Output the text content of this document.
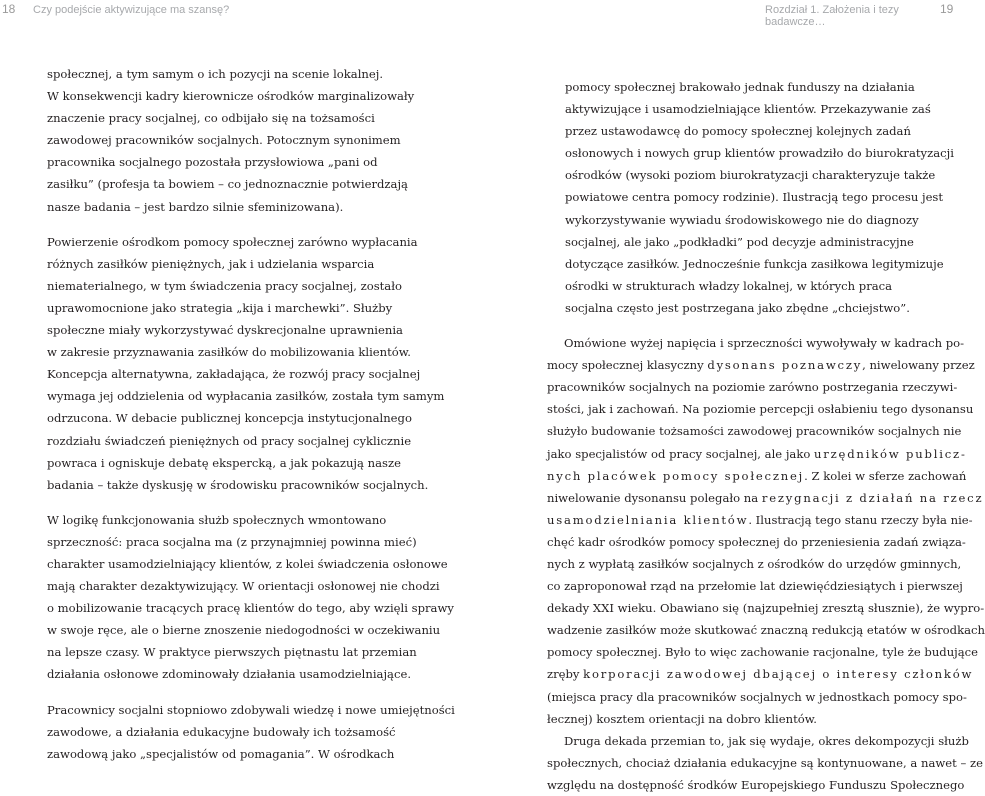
18 Czy podejście aktywizujące ma szansę?	Rozdział 1. Założenia i tezy badawcze…
19

społecznej, a tym samym o ich pozycji na scenie lokalnej.

W konsekwencji kadry kierownicze ośrodków marginalizowały

znaczenie pracy socjalnej, co odbijało się na tożsamości

zawodowej pracowników socjalnych. Potocznym synonimem

pracownika socjalnego pozostała przysłowiowa „pani od

zasiłku” (profesja ta bowiem – co jednoznacznie potwierdzają

nasze badania – jest bardzo silnie sfeminizowana).

Powierzenie ośrodkom pomocy społecznej zarówno wypłacania

różnych zasiłków pieniężnych, jak i udzielania wsparcia

niematerialnego, w tym świadczenia pracy socjalnej, zostało

uprawomocnione jako strategia „kija i marchewki”. Służby

społeczne miały wykorzystywać dyskrecjonalne uprawnienia

w zakresie przyznawania zasiłków do mobilizowania klientów.

Koncepcja alternatywna, zakładająca, że rozwój pracy socjalnej

wymaga jej oddzielenia od wypłacania zasiłków, została tym samym

odrzucona. W debacie publicznej koncepcja instytucjonalnego

rozdziału świadczeń pieniężnych od pracy socjalnej cyklicznie

powraca i ogniskuje debatę ekspercką, a jak pokazują nasze

badania – także dyskusję w środowisku pracowników socjalnych.

W logikę funkcjonowania służb społecznych wmontowano

sprzeczność: praca socjalna ma (z przynajmniej powinna mieć)

charakter usamodzielniający klientów, z kolei świadczenia osłonowe

mają charakter dezaktywizujący. W orientacji osłonowej nie chodzi

o mobilizowanie tracących pracę klientów do tego, aby wzięli sprawy

w swoje ręce, ale o bierne znoszenie niedogodności w oczekiwaniu

na lepsze czasy. W praktyce pierwszych piętnastu lat przemian

działania osłonowe zdominowały działania usamodzielniające.

Pracownicy socjalni stopniowo zdobywali wiedzę i nowe umiejętności

zawodowe, a działania edukacyjne budowały ich tożsamość

zawodową jako „specjalistów od pomagania”. W ośrodkach

pomocy społecznej brakowało jednak funduszy na działania

aktywizujące i usamodzielniające klientów. Przekazywanie zaś

przez ustawodawcę do pomocy społecznej kolejnych zadań

osłonowych i nowych grup klientów prowadziło do biurokratyzacji

ośrodków (wysoki poziom biurokratyzacji charakteryzuje także

powiatowe centra pomocy rodzinie). Ilustracją tego procesu jest

wykorzystywanie wywiadu środowiskowego nie do diagnozy

socjalnej, ale jako „podkładki” pod decyzje administracyjne

dotyczące zasiłków. Jednocześnie funkcja zasiłkowa legitymizuje

ośrodki w strukturach władzy lokalnej, w których praca

socjalna często jest postrzegana jako zbędne „chciejstwo”.

Omówione wyżej napięcia i sprzeczności wywoływały w kadrach po-

mocy społecznej klasyczny dysonans poznawczy, niwelowany przez

pracowników socjalnych na poziomie zarówno postrzegania rzeczywi-

stości, jak i zachowań. Na poziomie percepcji osłabieniu tego dysonansu

służyło budowanie tożsamości zawodowej pracowników socjalnych nie

jako specjalistów od pracy socjalnej, ale jako urzędników publicz-

nych placówek pomocy społecznej. Z kolei w sferze zachowań

niwelowanie dysonansu polegało na rezygnacji z działań na rzecz

usamodzielniania klientów. Ilustracją tego stanu rzeczy była nie-

chęć kadr ośrodków pomocy społecznej do przeniesienia zadań związa-

nych z wypłatą zasiłków socjalnych z ośrodków do urzędów gminnych,

co zaproponował rząd na przełomie lat dziewięćdziesiątych i pierwszej

dekady XXI wieku. Obawiano się (najzupełniej zresztą słusznie), że wypro-

wadzenie zasiłków może skutkować znaczną redukcją etatów w ośrodkach

pomocy społecznej. Było to więc zachowanie racjonalne, tyle że budujące

zręby korporacji zawodowej dbającej o interesy członków

(miejsca pracy dla pracowników socjalnych w jednostkach pomocy spo-

łecznej) kosztem orientacji na dobro klientów.

Druga dekada przemian to, jak się wydaje, okres dekompozycji służb

społecznych, chociaż działania edukacyjne są kontynuowane, a nawet – ze

względu na dostępność środków Europejskiego Funduszu Społecznego
